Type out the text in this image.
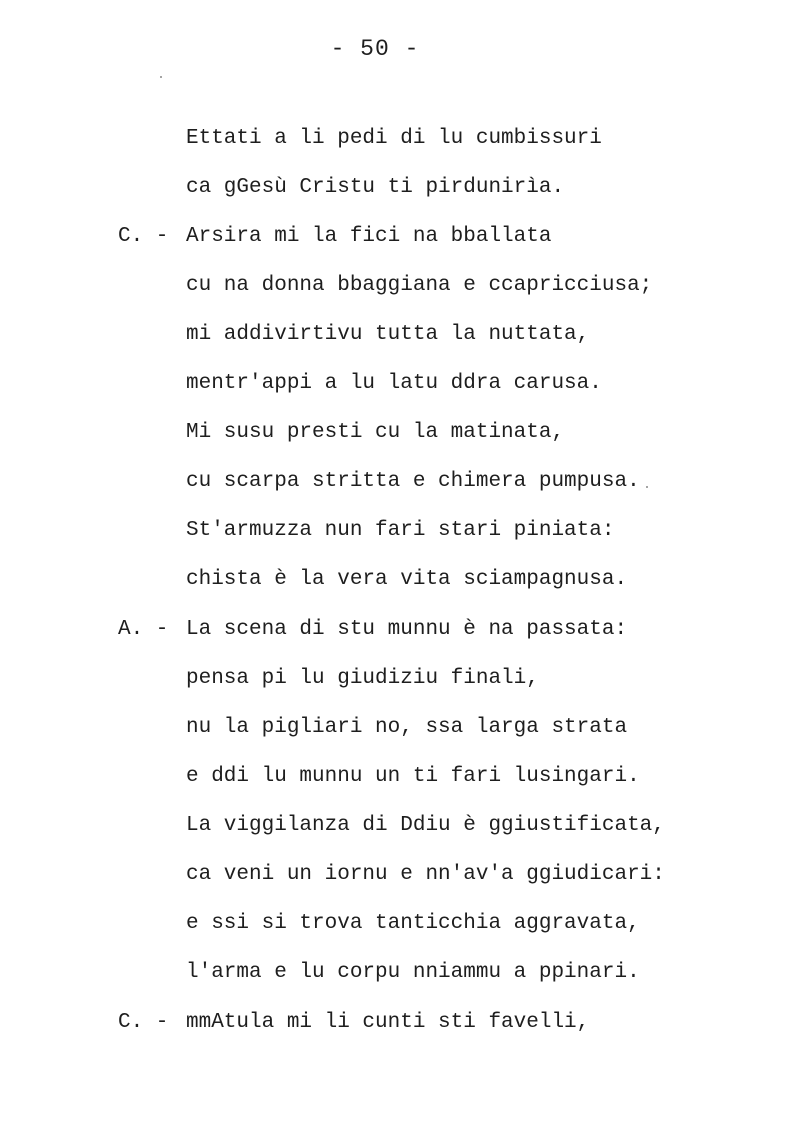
- 50 -

Ettati a li pedi di lu cumbissuri

ca gGesù Cristu ti pirdunirìa.

C. -

Arsira mi la fici na bballata

cu na donna bbaggiana e ccapricciusa;

mi addivirtivu tutta la nuttata,

mentr'appi a lu latu ddra carusa.

Mi susu presti cu la matinata,

cu scarpa stritta e chimera pumpusa.

St'armuzza nun fari stari piniata:

chista è la vera vita sciampagnusa.

A. -

La scena di stu munnu è na passata:

pensa pi lu giudiziu finali,

nu la pigliari no, ssa larga strata

e ddi lu munnu un ti fari lusingari.

La viggilanza di Ddiu è ggiustificata,

ca veni un iornu e nn'av'a ggiudicari:

e ssi si trova tanticchia aggravata,

l'arma e lu corpu nniammu a ppinari.

C. -

mmAtula mi li cunti sti favelli,
